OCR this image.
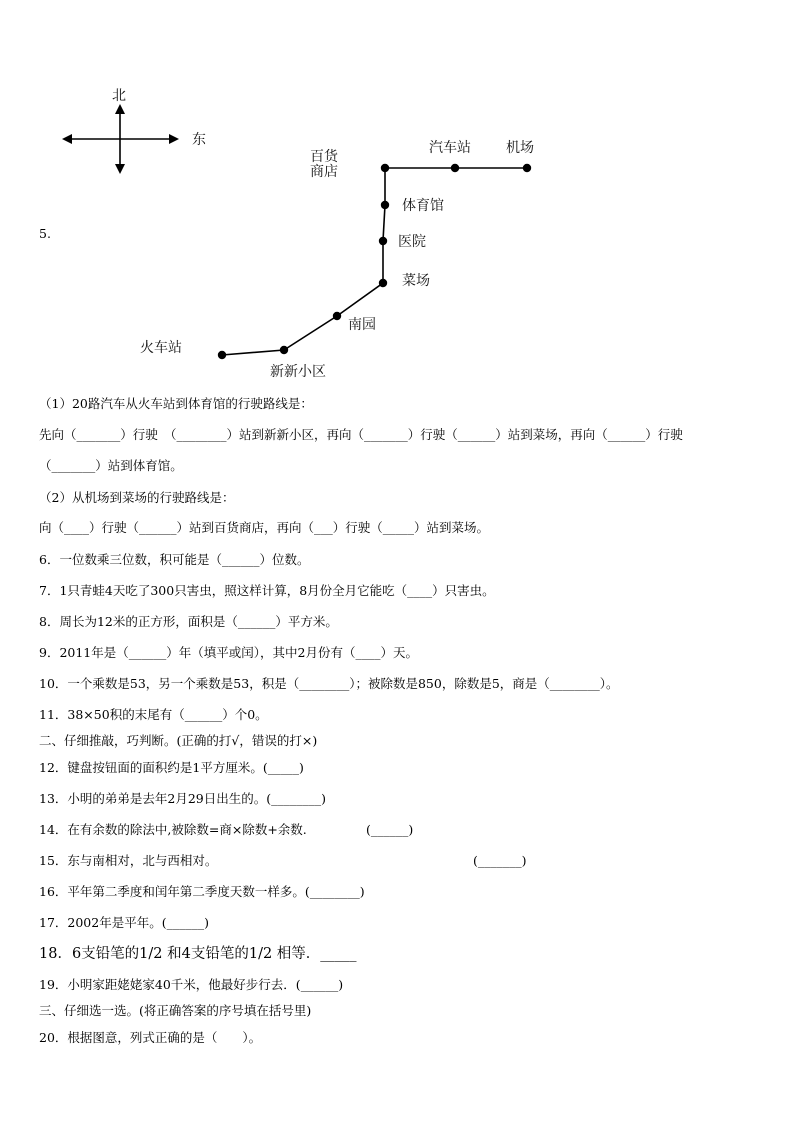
北
东
百货
商店
汽车站	机场
体育馆
医院
菜场
南园
火车站
新新小区
5.
（1）20路汽车从火车站到体育馆的行驶路线是：
先向（_______）行驶　（________）站到新新小区，再向（_______）行驶（______）站到菜场，再向（______）行驶
（_______）站到体育馆。
（2）从机场到菜场的行驶路线是：
向（____）行驶（______）站到百货商店，再向（___）行驶（_____）站到菜场。
6．一位数乘三位数，积可能是（______）位数。
7．1只青蛙4天吃了300只害虫，照这样计算，8月份全月它能吃（____）只害虫。
8．周长为12米的正方形，面积是（______）平方米。
9．2011年是（______）年（填平或闰），其中2月份有（____）天。
10．一个乘数是53，另一个乘数是53，积是（________）；被除数是850，除数是5，商是（________）。
11．38×50积的末尾有（______）个0。
二、仔细推敲，巧判断。(正确的打√，错误的打×)
12．键盘按钮面的面积约是1平方厘米。(_____)
13．小明的弟弟是去年2月29日出生的。(________)
14．在有余数的除法中,被除数=商×除数+余数.	(______)
15．东与南相对，北与西相对。	(_______)
16．平年第二季度和闰年第二季度天数一样多。(________)
17．2002年是平年。(______)
18．6支铅笔的1/2 和4支铅笔的1/2 相等．_____
19．小明家距姥姥家40千米，他最好步行去．(______)
三、仔细选一选。(将正确答案的序号填在括号里)
20．根据图意，列式正确的是（　　）。
